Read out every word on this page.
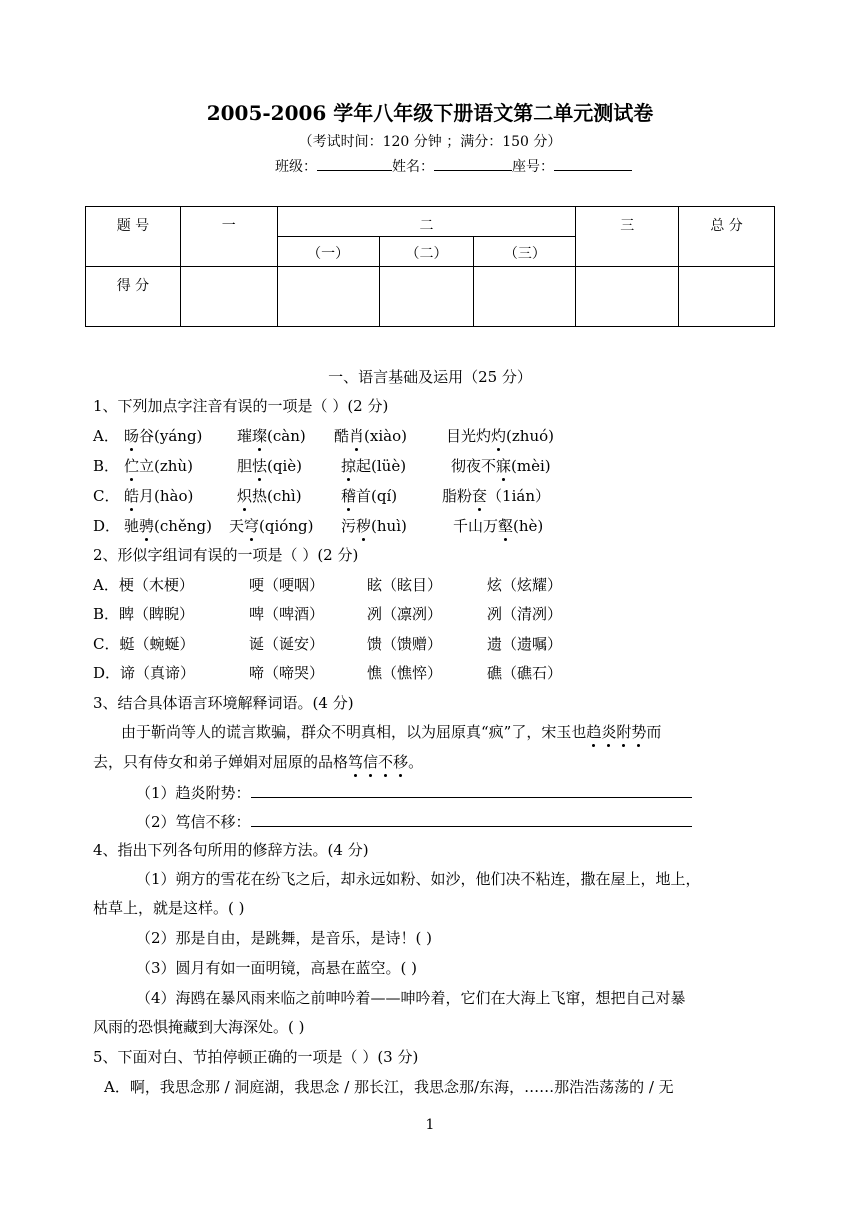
2005-2006 学年八年级下册语文第二单元测试卷
（考试时间：120 分钟 ；满分：150 分）
班级：	姓名：	座号：
题 号	一	二			三	总 分
		（一）	（二）	（三）		
得 分						
一、语言基础及运用（25 分）
1、下列加点字注音有误的一项是（ ）(2 分)
A． 旸谷(yáng) 璀璨(càn) 酷肖(xiào)	目光灼灼(zhuó)
B． 伫立(zhù)	胆怯(qiè)	掠起(lüè)	彻夜不寐(mèi)
C． 皓月(hào)	炽热(chì)	稽首(qí)	脂粉奁（1ián）
D． 驰骋(chěng) 天穹(qióng) 污秽(huì)	千山万壑(hè)
2、形似字组词有误的一项是（ ）(2 分)
A．梗（木梗）	哽（哽咽）	眩（眩目）	炫（炫耀）
B．睥（睥睨）	啤（啤酒）	冽（凛冽）	冽（清冽）
C．蜓（蜿蜒）	诞（诞安）	馈（馈赠）	遗（遗嘱）
D．谛（真谛）	啼（啼哭）	憔（憔悴）	礁（礁石）
3、结合具体语言环境解释词语。(4 分)
由于靳尚等人的谎言欺骗，群众不明真相，以为屈原真“疯”了，宋玉也趋炎附势而
去，只有侍女和弟子婵娟对屈原的品格笃信不移。
（1）趋炎附势：
（2）笃信不移：
4、指出下列各句所用的修辞方法。(4 分)
（1）朔方的雪花在纷飞之后，却永远如粉、如沙，他们决不粘连，撒在屋上，地上，
枯草上，就是这样。( )
（2）那是自由，是跳舞，是音乐，是诗！( )
（3）圆月有如一面明镜，高悬在蓝空。( )
（4）海鸥在暴风雨来临之前呻吟着——呻吟着，它们在大海上飞窜，想把自己对暴
风雨的恐惧掩藏到大海深处。( )
5、下面对白、节拍停顿正确的一项是（ ）(3 分)
A．啊，我思念那 / 洞庭湖，我思念 / 那长江，我思念那/东海，……那浩浩荡荡的 / 无
1
